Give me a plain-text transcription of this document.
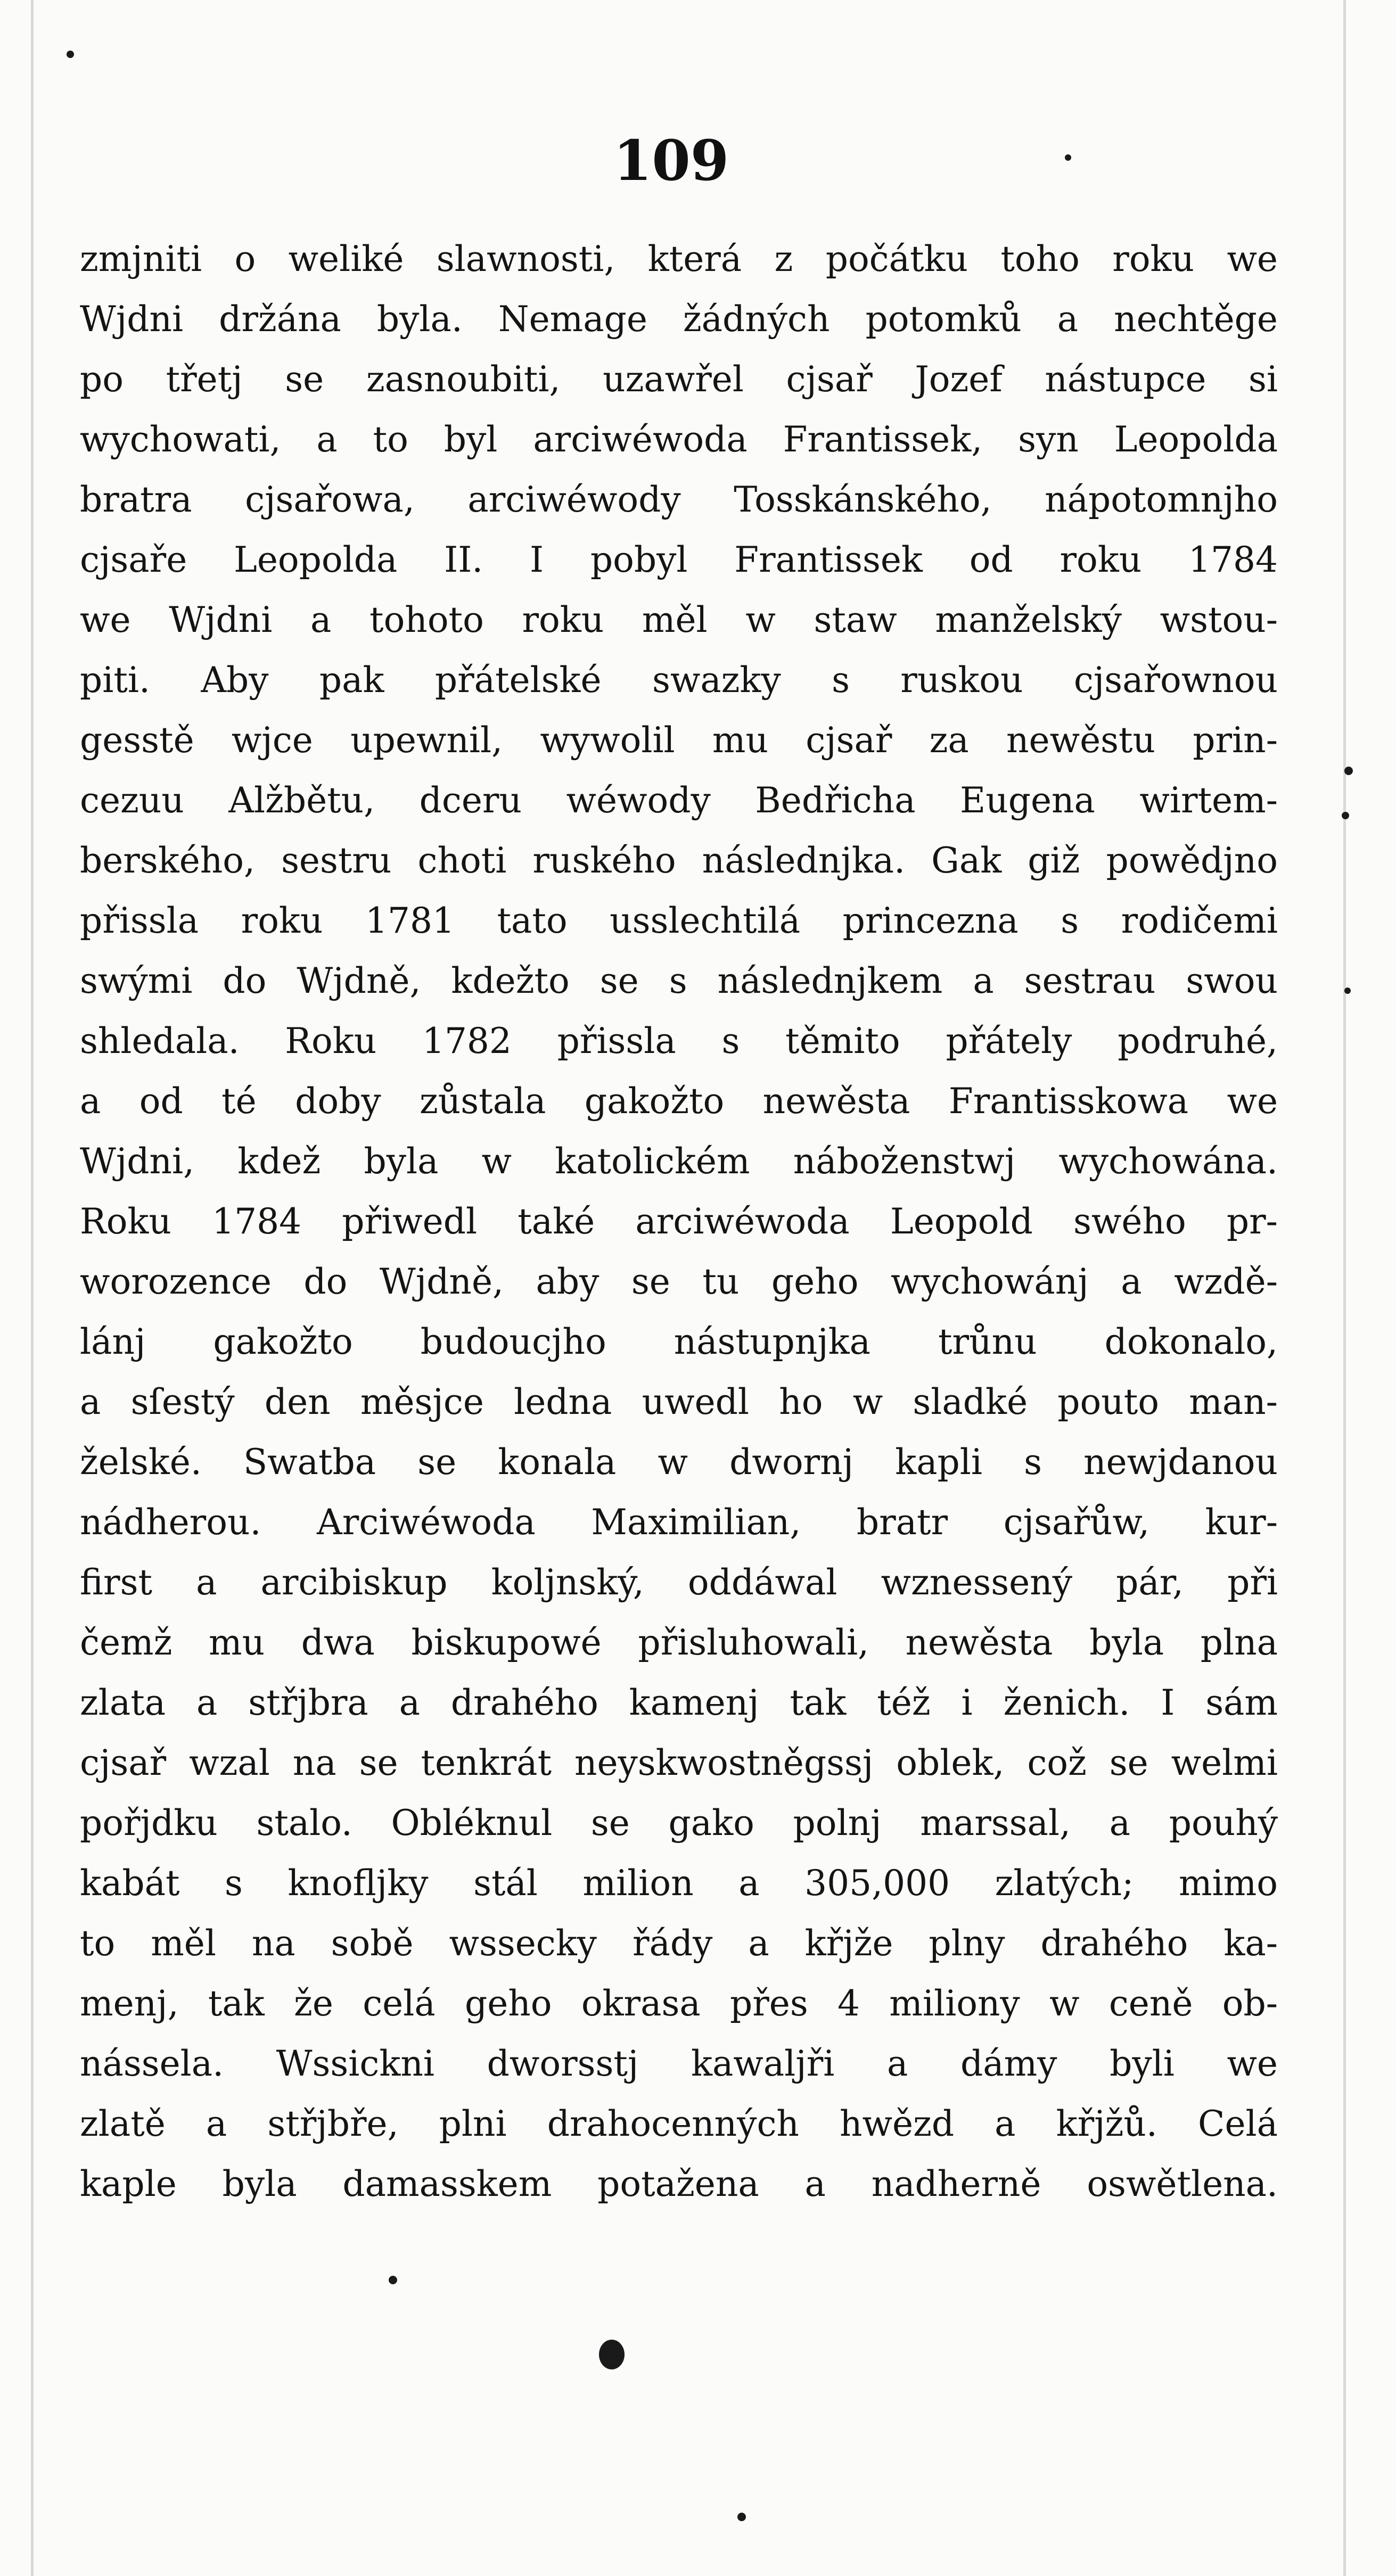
109
zmjniti o weliké slawnosti, která z počátku toho roku we
Wjdni držána byla. Nemage žádných potomků a nechtěge
po třetj se zasnoubiti, uzawřel cjsař Jozef nástupce si
wychowati, a to byl arciwéwoda Frantissek, syn Leopolda
bratra cjsařowa, arciwéwody Tosskánského, nápotomnjho
cjsaře Leopolda II. I pobyl Frantissek od roku 1784
we Wjdni a tohoto roku měl w staw manželský wstou-
piti. Aby pak přátelské swazky s ruskou cjsařownou
gesstě wjce upewnil, wywolil mu cjsař za newěstu prin-
cezuu Alžbětu, dceru wéwody Bedřicha Eugena wirtem-
berského, sestru choti ruského následnjka. Gak giž powědjno
přissla roku 1781 tato usslechtilá princezna s rodičemi
swými do Wjdně, kdežto se s následnjkem a sestrau swou
shledala. Roku 1782 přissla s těmito přátely podruhé,
a od té doby zůstala gakožto newěsta Frantisskowa we
Wjdni, kdež byla w katolickém náboženstwj wychowána.
Roku 1784 přiwedl také arciwéwoda Leopold swého pr-
worozence do Wjdně, aby se tu geho wychowánj a wzdě-
lánj gakožto budoucjho nástupnjka trůnu dokonalo,
a sſestý den měsjce ledna uwedl ho w sladké pouto man-
želské. Swatba se konala w dwornj kapli s newjdanou
nádherou. Arciwéwoda Maximilian, bratr cjsařůw, kur-
first a arcibiskup koljnský, oddáwal wznessený pár, při
čemž mu dwa biskupowé přisluhowali, newěsta byla plna
zlata a střjbra a drahého kamenj tak též i ženich. I sám
cjsař wzal na se tenkrát neyskwostněgssj oblek, což se welmi
pořjdku stalo. Obléknul se gako polnj marssal, a pouhý
kabát s knofljky stál milion a 305,000 zlatých; mimo
to měl na sobě wssecky řády a křjže plny drahého ka-
menj, tak že celá geho okrasa přes 4 miliony w ceně ob-
nássela. Wssickni dworsstj kawaljři a dámy byli we
zlatě a střjbře, plni drahocenných hwězd a křjžů. Celá
kaple byla damasskem potažena a nadherně oswětlena.
